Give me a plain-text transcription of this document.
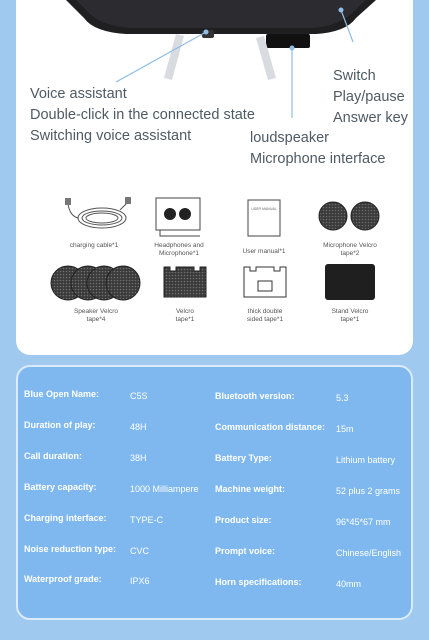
Voice assistant
Double-click in the connected state
Switching voice assistant
Switch
Play/pause
Answer key
loudspeaker
Microphone interface
charging cable*1	Headphones and
Microphone*1
USER MANUAL
User manual*1
Microphone Velcro
tape*2
Speaker Velcro
tape*4
Velcro
tape*1
thick double
sided tape*1
Stand Velcro
tape*1
Blue Open Name:	C5S
Duration of play:	48H
Call duration:	38H
Battery capacity:	1000 Milliampere
Charging interface:	TYPE-C
Noise reduction type: CVC
Waterproof grade:	IPX6
Bluetooth version:	5.3
Communication distance: 15m
Battery Type:	Lithium battery
Machine weight:	52 plus 2 grams
Product size:	96*45*67 mm
Prompt voice:	Chinese/English
Horn specifications:	40mm
